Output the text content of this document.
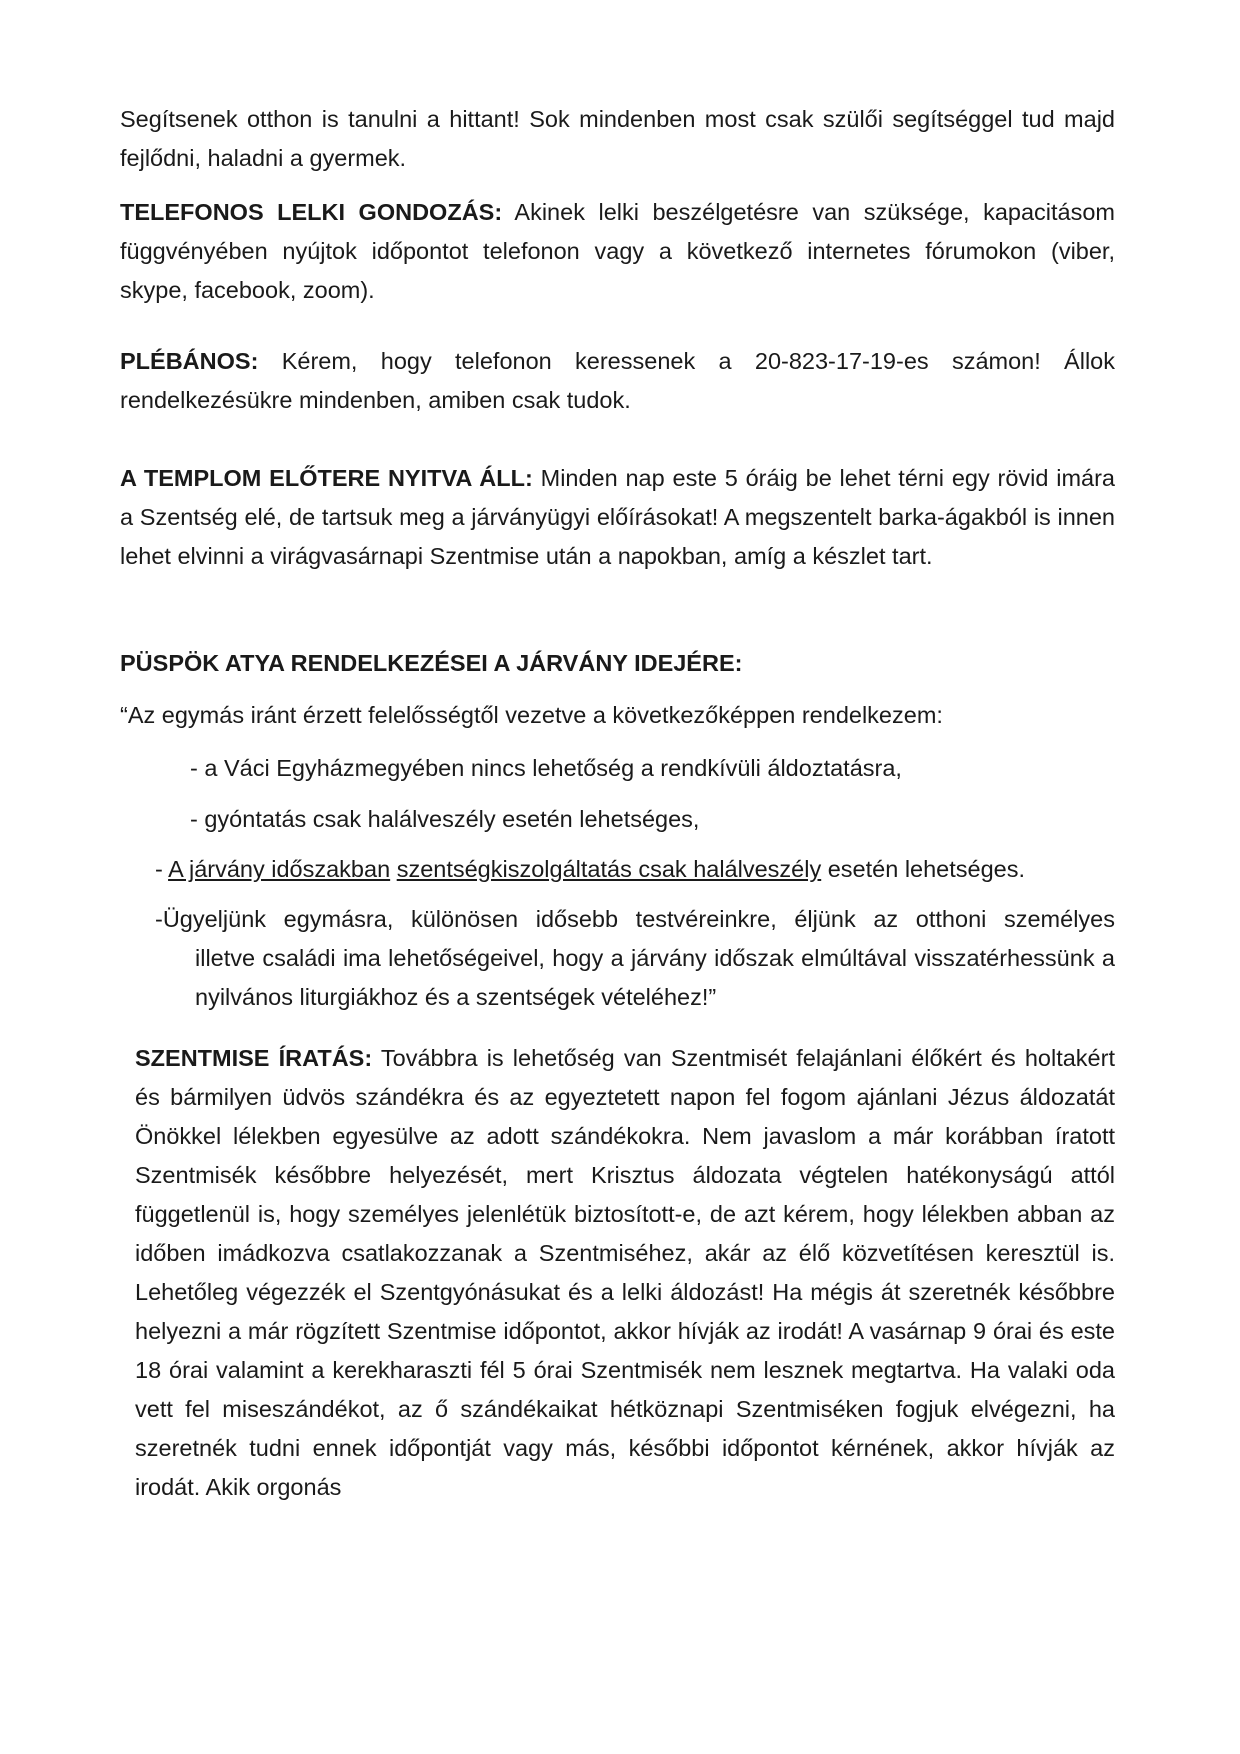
Segítsenek otthon is tanulni a hittant! Sok mindenben most csak szülői segítséggel tud majd fejlődni, haladni a gyermek.

TELEFONOS LELKI GONDOZÁS: Akinek lelki beszélgetésre van szüksége, kapacitásom függvényében nyújtok időpontot telefonon vagy a következő internetes fórumokon (viber, skype, facebook, zoom).

PLÉBÁNOS: Kérem, hogy telefonon keressenek a 20-823-17-19-es számon! Állok rendelkezésükre mindenben, amiben csak tudok.

A TEMPLOM ELŐTERE NYITVA ÁLL: Minden nap este 5 óráig be lehet térni egy rövid imára a Szentség elé, de tartsuk meg a járványügyi előírásokat! A megszentelt barka-ágakból is innen lehet elvinni a virágvasárnapi Szentmise után a napokban, amíg a készlet tart.

PÜSPÖK ATYA RENDELKEZÉSEI A JÁRVÁNY IDEJÉRE:

“Az egymás iránt érzett felelősségtől vezetve a következőképpen rendelkezem:

- a Váci Egyházmegyében nincs lehetőség a rendkívüli áldoztatásra,

- gyóntatás csak halálveszély esetén lehetséges,

- A járvány időszakban szentségkiszolgáltatás csak halálveszély esetén lehetséges.

-Ügyeljünk egymásra, különösen idősebb testvéreinkre, éljünk az otthoni személyes
illetve családi ima lehetőségeivel, hogy a járvány időszak elmúltával visszatérhessünk a nyilvános liturgiákhoz és a szentségek vételéhez!”

SZENTMISE ÍRATÁS: Továbbra is lehetőség van Szentmisét felajánlani élőkért és holtakért és bármilyen üdvös szándékra és az egyeztetett napon fel fogom ajánlani Jézus áldozatát Önökkel lélekben egyesülve az adott szándékokra. Nem javaslom a már korábban íratott Szentmisék későbbre helyezését, mert Krisztus áldozata végtelen hatékonyságú attól függetlenül is, hogy személyes jelenlétük biztosított-e, de azt kérem, hogy lélekben abban az időben imádkozva csatlakozzanak a Szentmiséhez, akár az élő közvetítésen keresztül is. Lehetőleg végezzék el Szentgyónásukat és a lelki áldozást! Ha mégis át szeretnék későbbre helyezni a már rögzített Szentmise időpontot, akkor hívják az irodát! A vasárnap 9 órai és este 18 órai valamint a kerekharaszti fél 5 órai Szentmisék nem lesznek megtartva. Ha valaki oda vett fel miseszándékot, az ő szándékaikat hétköznapi Szentmiséken fogjuk elvégezni, ha szeretnék tudni ennek időpontját vagy más, későbbi időpontot kérnének, akkor hívják az irodát. Akik orgonás
